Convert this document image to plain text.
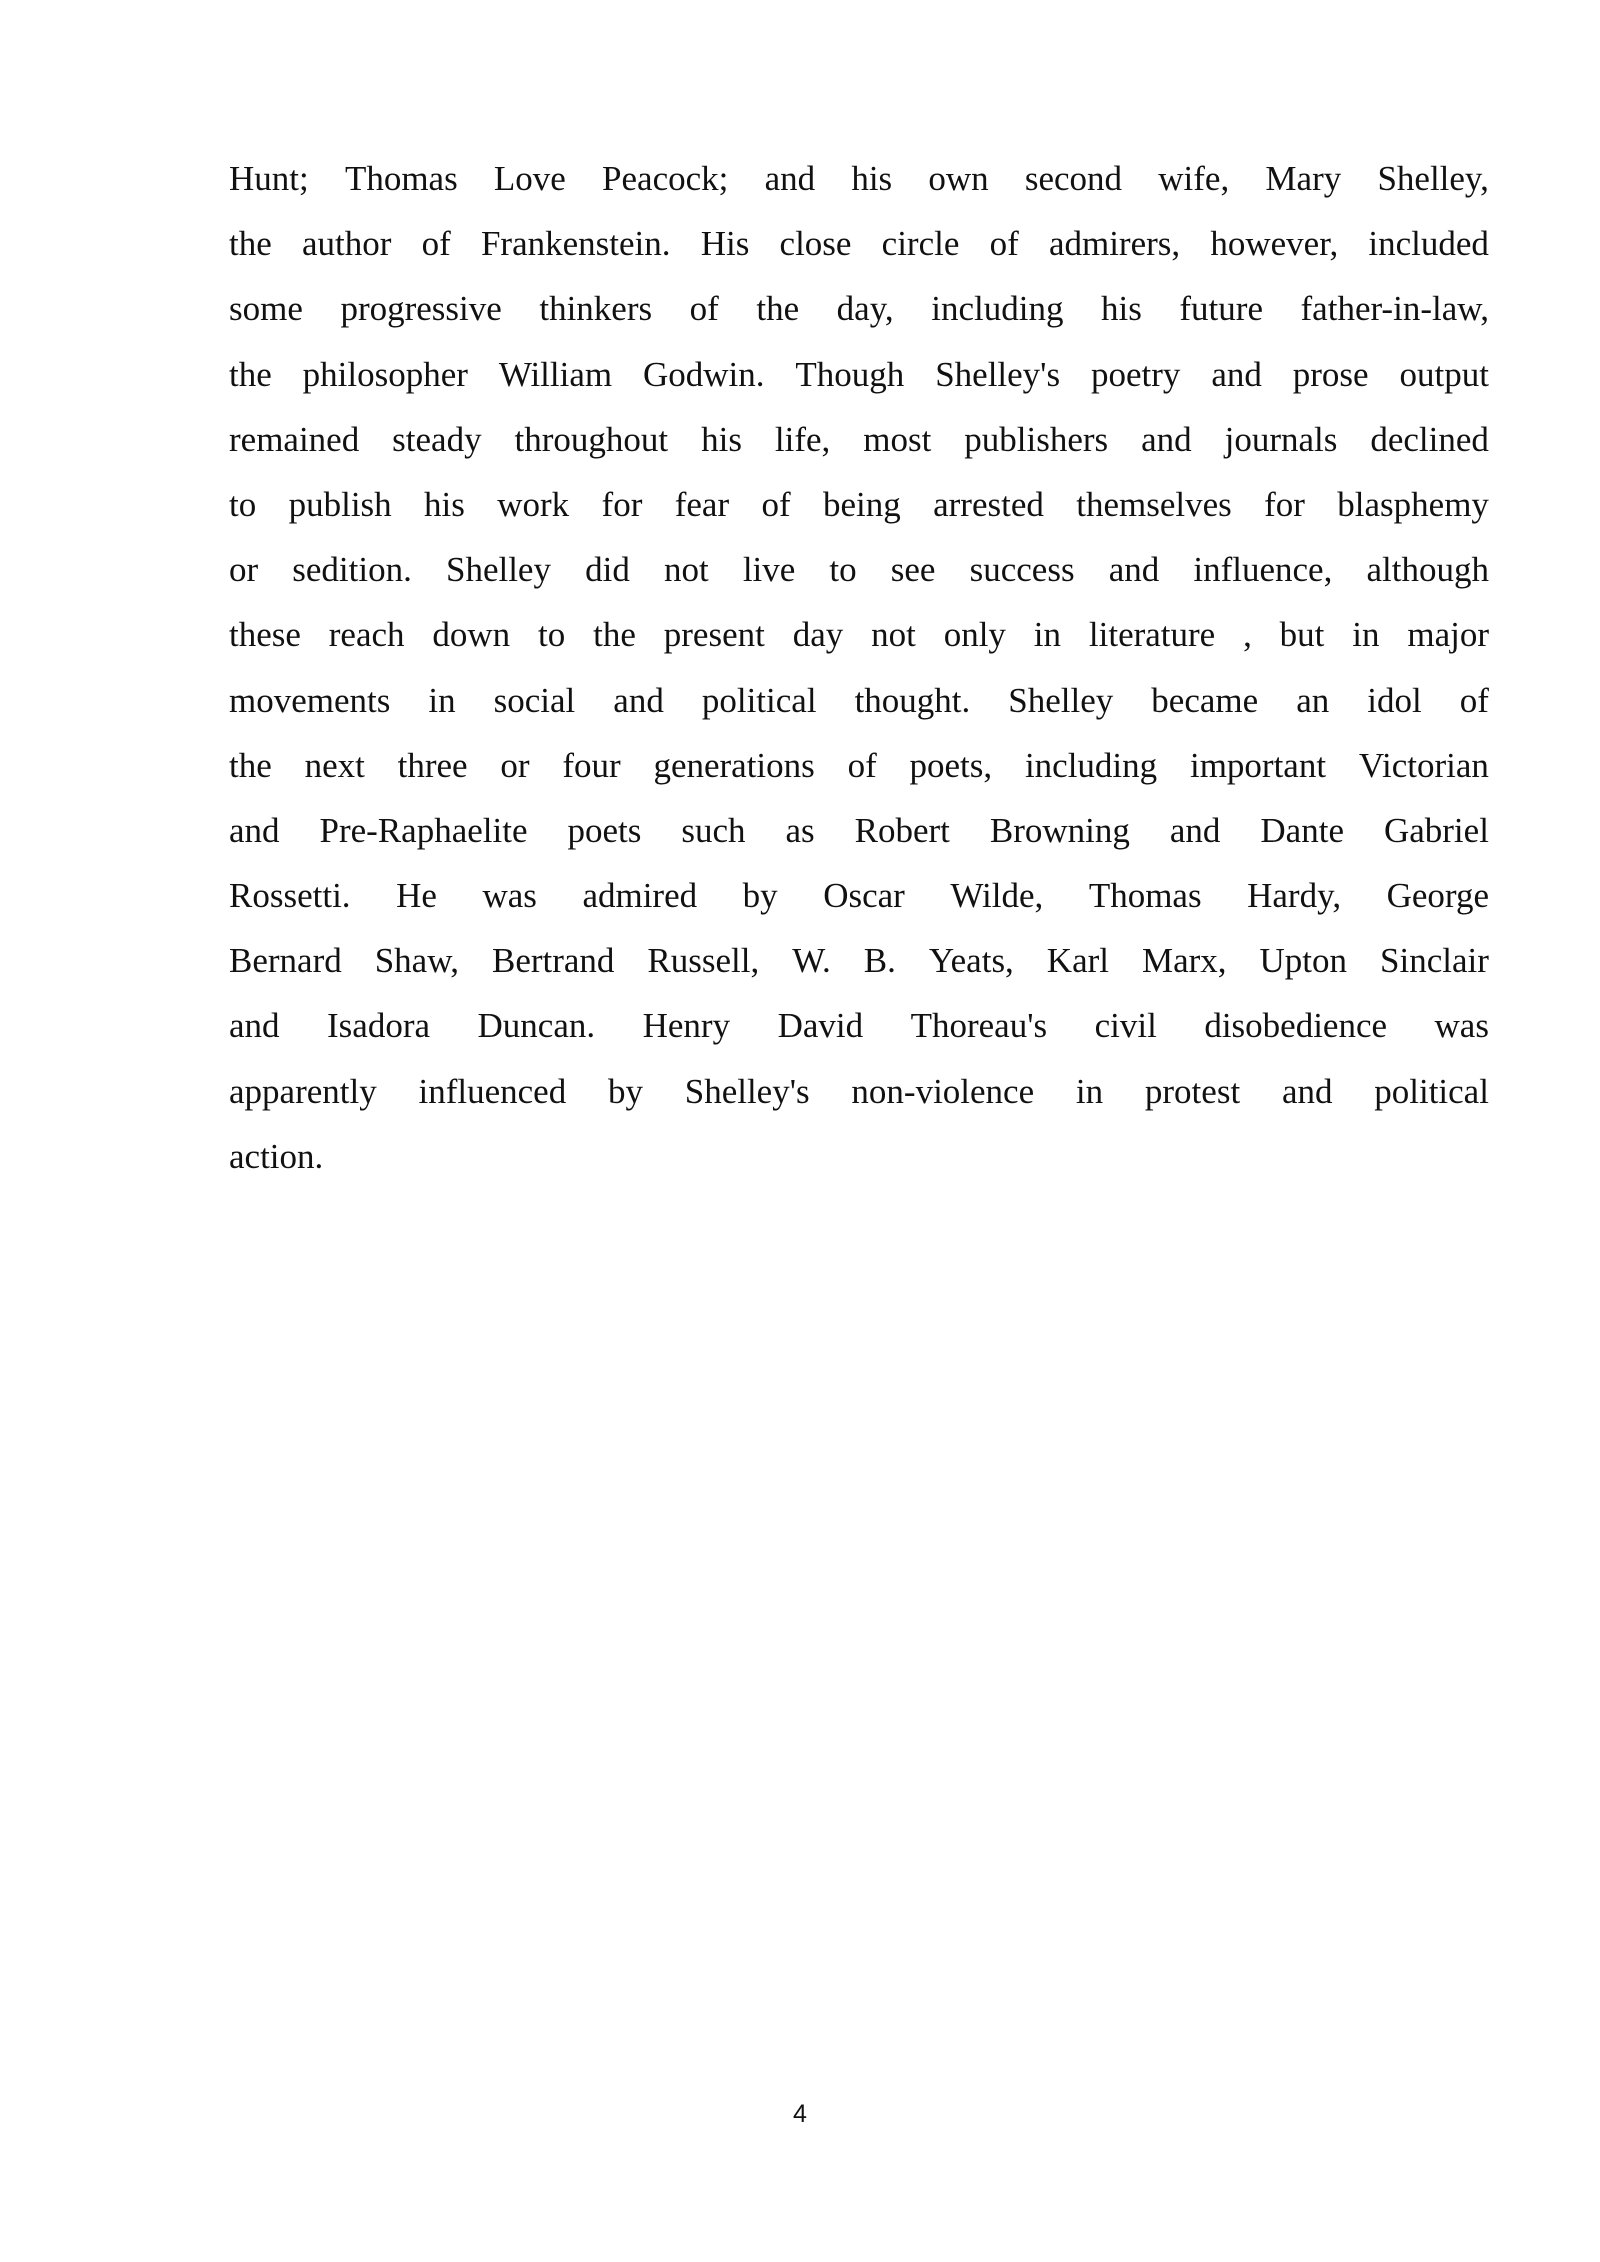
Hunt; Thomas Love Peacock; and his own second wife, Mary Shelley,
the author of Frankenstein. His close circle of admirers, however, included
some progressive thinkers of the day, including his future father-in-law,
the philosopher William Godwin. Though Shelley's poetry and prose output
remained steady throughout his life, most publishers and journals declined
to publish his work for fear of being arrested themselves for blasphemy
or sedition. Shelley did not live to see success and influence, although
these reach down to the present day not only in literature , but in major
movements in social and political thought. Shelley became an idol of
the next three or four generations of poets, including important Victorian
and Pre-Raphaelite poets such as Robert Browning and Dante Gabriel
Rossetti. He was admired by Oscar Wilde, Thomas Hardy, George
Bernard Shaw, Bertrand Russell, W. B. Yeats, Karl Marx, Upton Sinclair
and Isadora Duncan. Henry David Thoreau's civil disobedience was
apparently influenced by Shelley's non-violence in protest and political
action.
4
